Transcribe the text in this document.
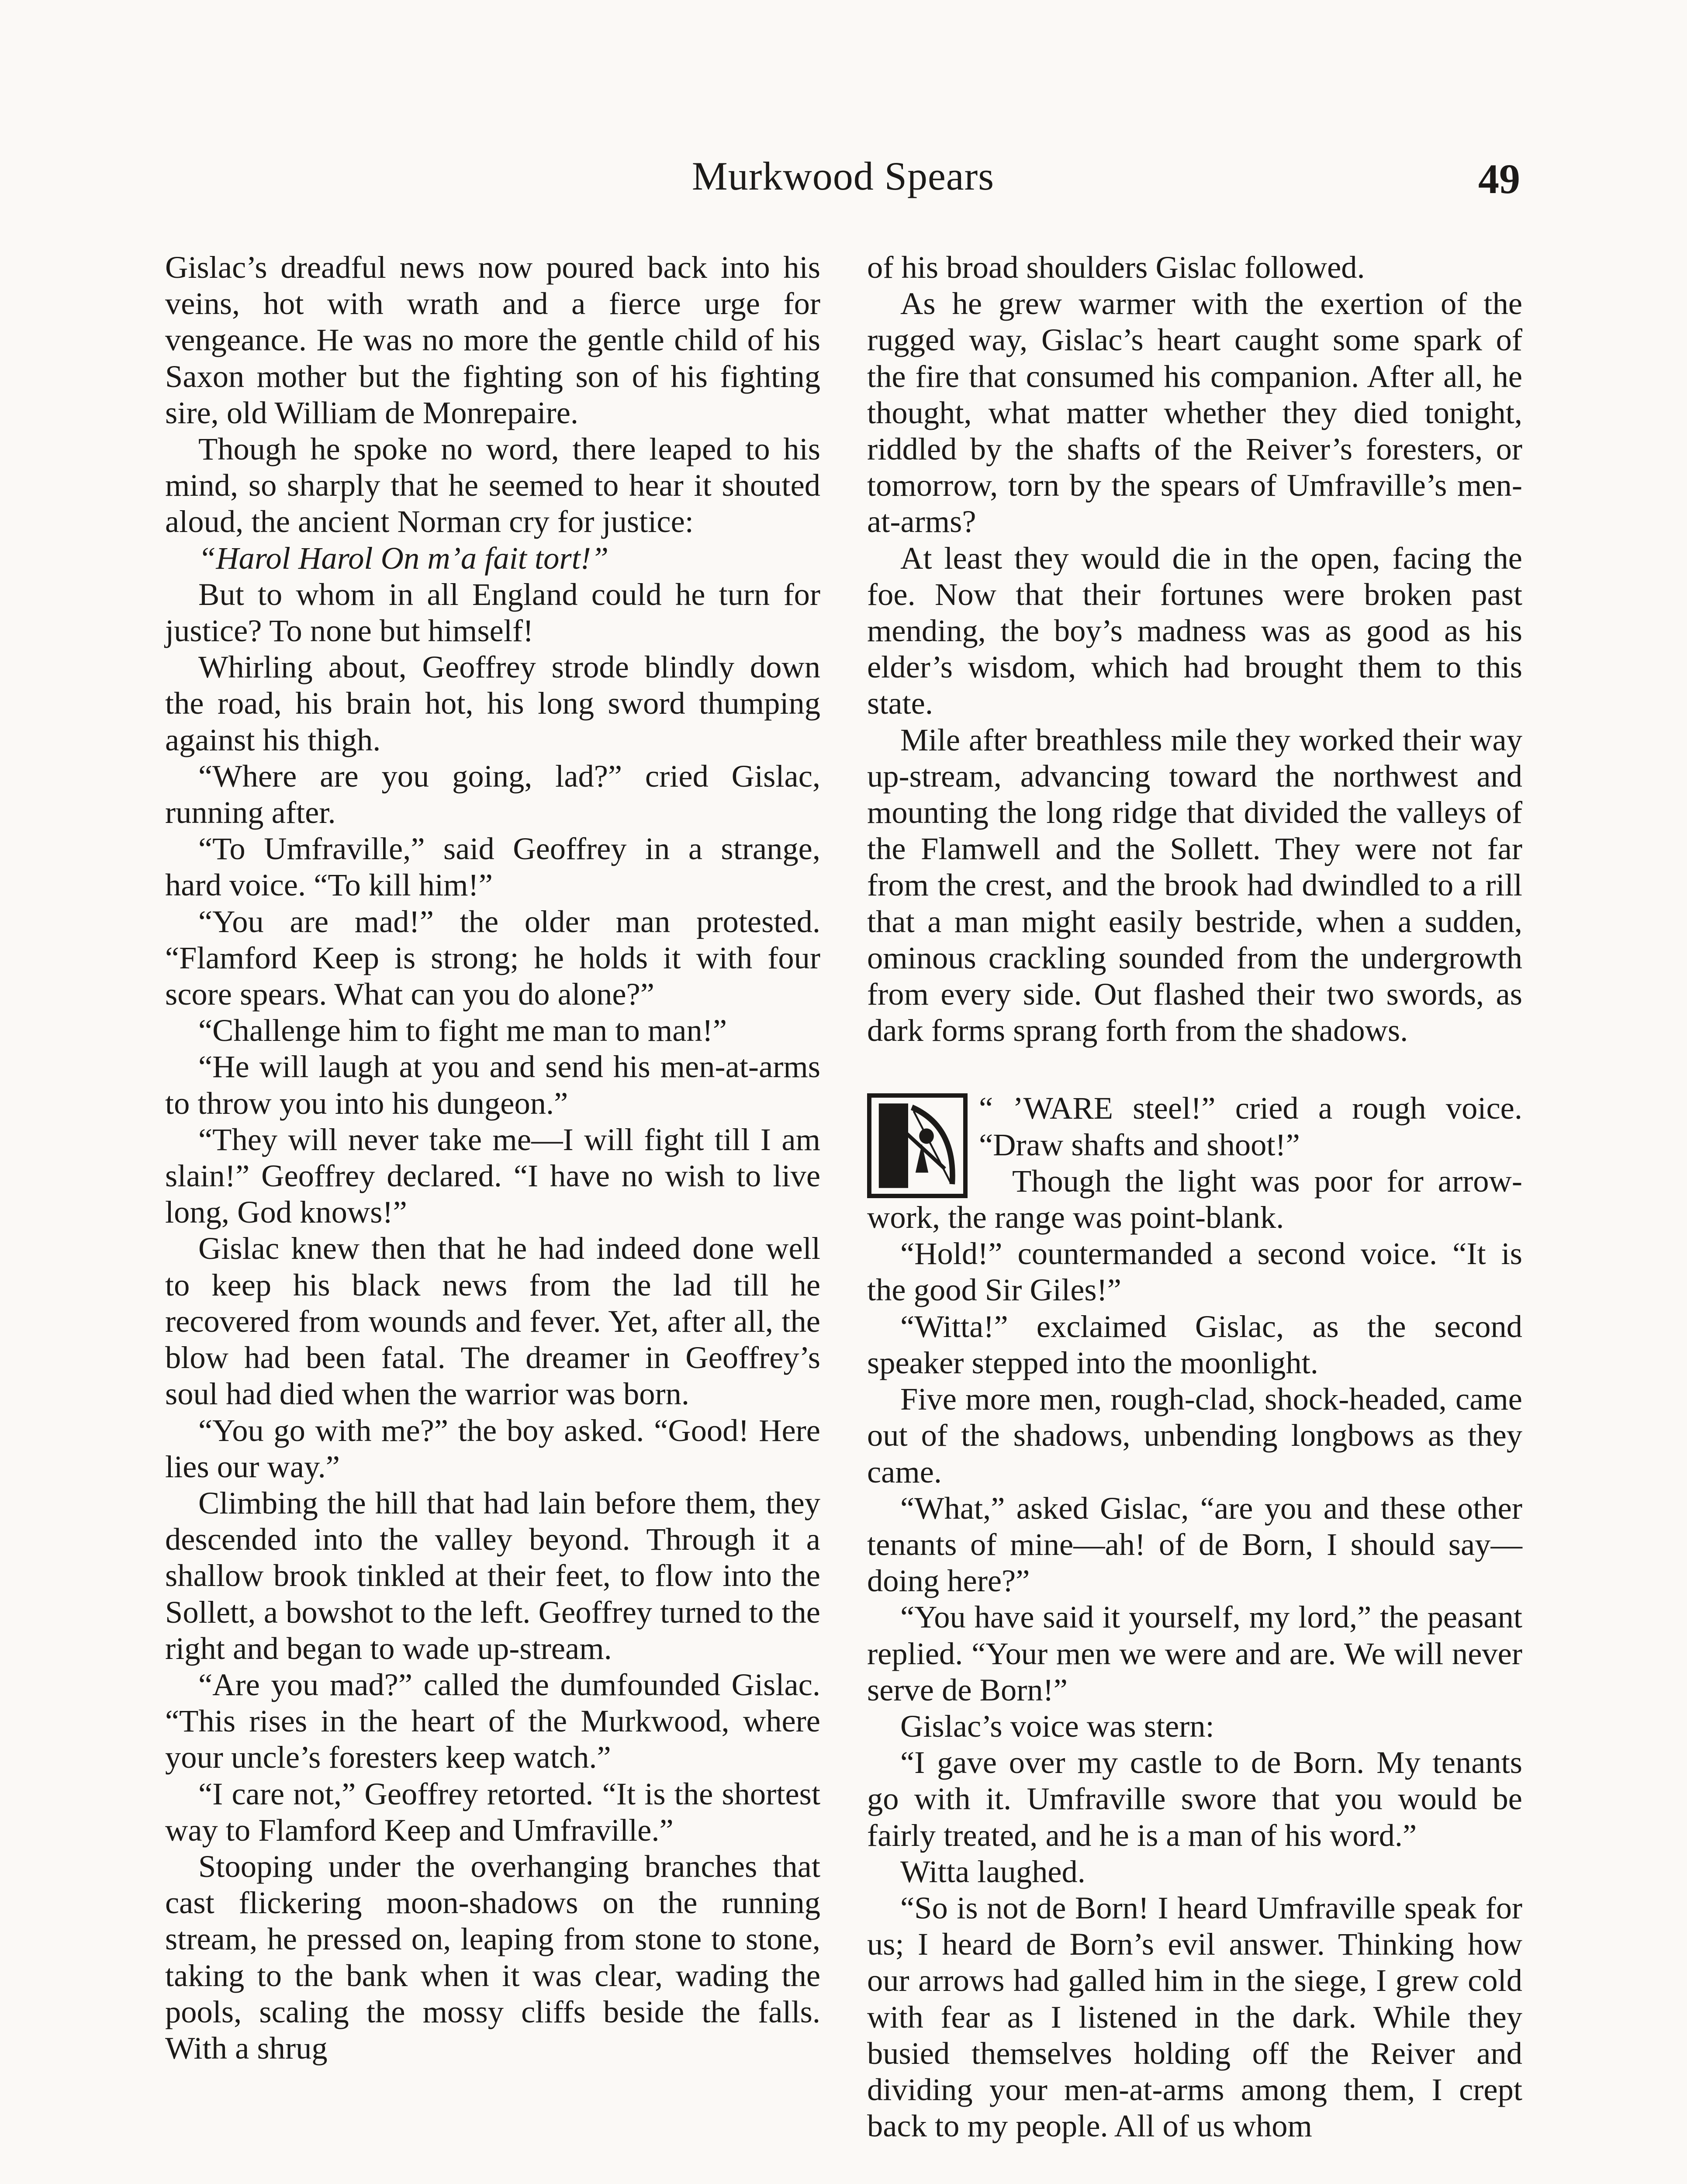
Murkwood Spears	49

Gislac’s dreadful news now poured back into his veins, hot with wrath and a fierce urge for vengeance. He was no more the gentle child of his Saxon mother but the fighting son of his fighting sire, old William de Monrepaire.

Though he spoke no word, there leaped to his mind, so sharply that he seemed to hear it shouted aloud, the ancient Norman cry for justice:

“Harol Harol On m’a fait tort!”

But to whom in all England could he turn for justice? To none but himself!

Whirling about, Geoffrey strode blindly down the road, his brain hot, his long sword thumping against his thigh.

“Where are you going, lad?” cried Gislac, running after.

“To Umfraville,” said Geoffrey in a strange, hard voice. “To kill him!”

“You are mad!” the older man protested. “Flamford Keep is strong; he holds it with four score spears. What can you do alone?”

“Challenge him to fight me man to man!”

“He will laugh at you and send his men-at-arms to throw you into his dungeon.”

“They will never take me—I will fight till I am slain!” Geoffrey declared. “I have no wish to live long, God knows!”

Gislac knew then that he had indeed done well to keep his black news from the lad till he recovered from wounds and fever. Yet, after all, the blow had been fatal. The dreamer in Geoffrey’s soul had died when the warrior was born.

“You go with me?” the boy asked. “Good! Here lies our way.”

Climbing the hill that had lain before them, they descended into the valley beyond. Through it a shallow brook tinkled at their feet, to flow into the Sollett, a bowshot to the left. Geoffrey turned to the right and began to wade up-stream.

“Are you mad?” called the dumfounded Gislac. “This rises in the heart of the Murkwood, where your uncle’s foresters keep watch.”

“I care not,” Geoffrey retorted. “It is the shortest way to Flamford Keep and Umfraville.”

Stooping under the overhanging branches that cast flickering moon-shadows on the running stream, he pressed on, leaping from stone to stone, taking to the bank when it was clear, wading the pools, scaling the mossy cliffs beside the falls. With a shrug

of his broad shoulders Gislac followed.

As he grew warmer with the exertion of the rugged way, Gislac’s heart caught some spark of the fire that consumed his companion. After all, he thought, what matter whether they died tonight, riddled by the shafts of the Reiver’s foresters, or tomorrow, torn by the spears of Umfraville’s men-at-arms?

At least they would die in the open, facing the foe. Now that their fortunes were broken past mending, the boy’s madness was as good as his elder’s wisdom, which had brought them to this state.

Mile after breathless mile they worked their way up-stream, advancing toward the northwest and mounting the long ridge that divided the valleys of the Flamwell and the Sollett. They were not far from the crest, and the brook had dwindled to a rill that a man might easily bestride, when a sudden, ominous crackling sounded from the undergrowth from every side. Out flashed their two swords, as dark forms sprang forth from the shadows.

“ ’WARE steel!” cried a rough voice. “Draw shafts and shoot!”

Though the light was poor for arrow-work, the range was point-blank.

“Hold!” countermanded a second voice. “It is the good Sir Giles!”

“Witta!” exclaimed Gislac, as the second speaker stepped into the moonlight.

Five more men, rough-clad, shock-headed, came out of the shadows, unbending longbows as they came.

“What,” asked Gislac, “are you and these other tenants of mine—ah! of de Born, I should say—doing here?”

“You have said it yourself, my lord,” the peasant replied. “Your men we were and are. We will never serve de Born!”

Gislac’s voice was stern:

“I gave over my castle to de Born. My tenants go with it. Umfraville swore that you would be fairly treated, and he is a man of his word.”

Witta laughed.

“So is not de Born! I heard Umfraville speak for us; I heard de Born’s evil answer. Thinking how our arrows had galled him in the siege, I grew cold with fear as I listened in the dark. While they busied themselves holding off the Reiver and dividing your men-at-arms among them, I crept back to my people. All of us whom
